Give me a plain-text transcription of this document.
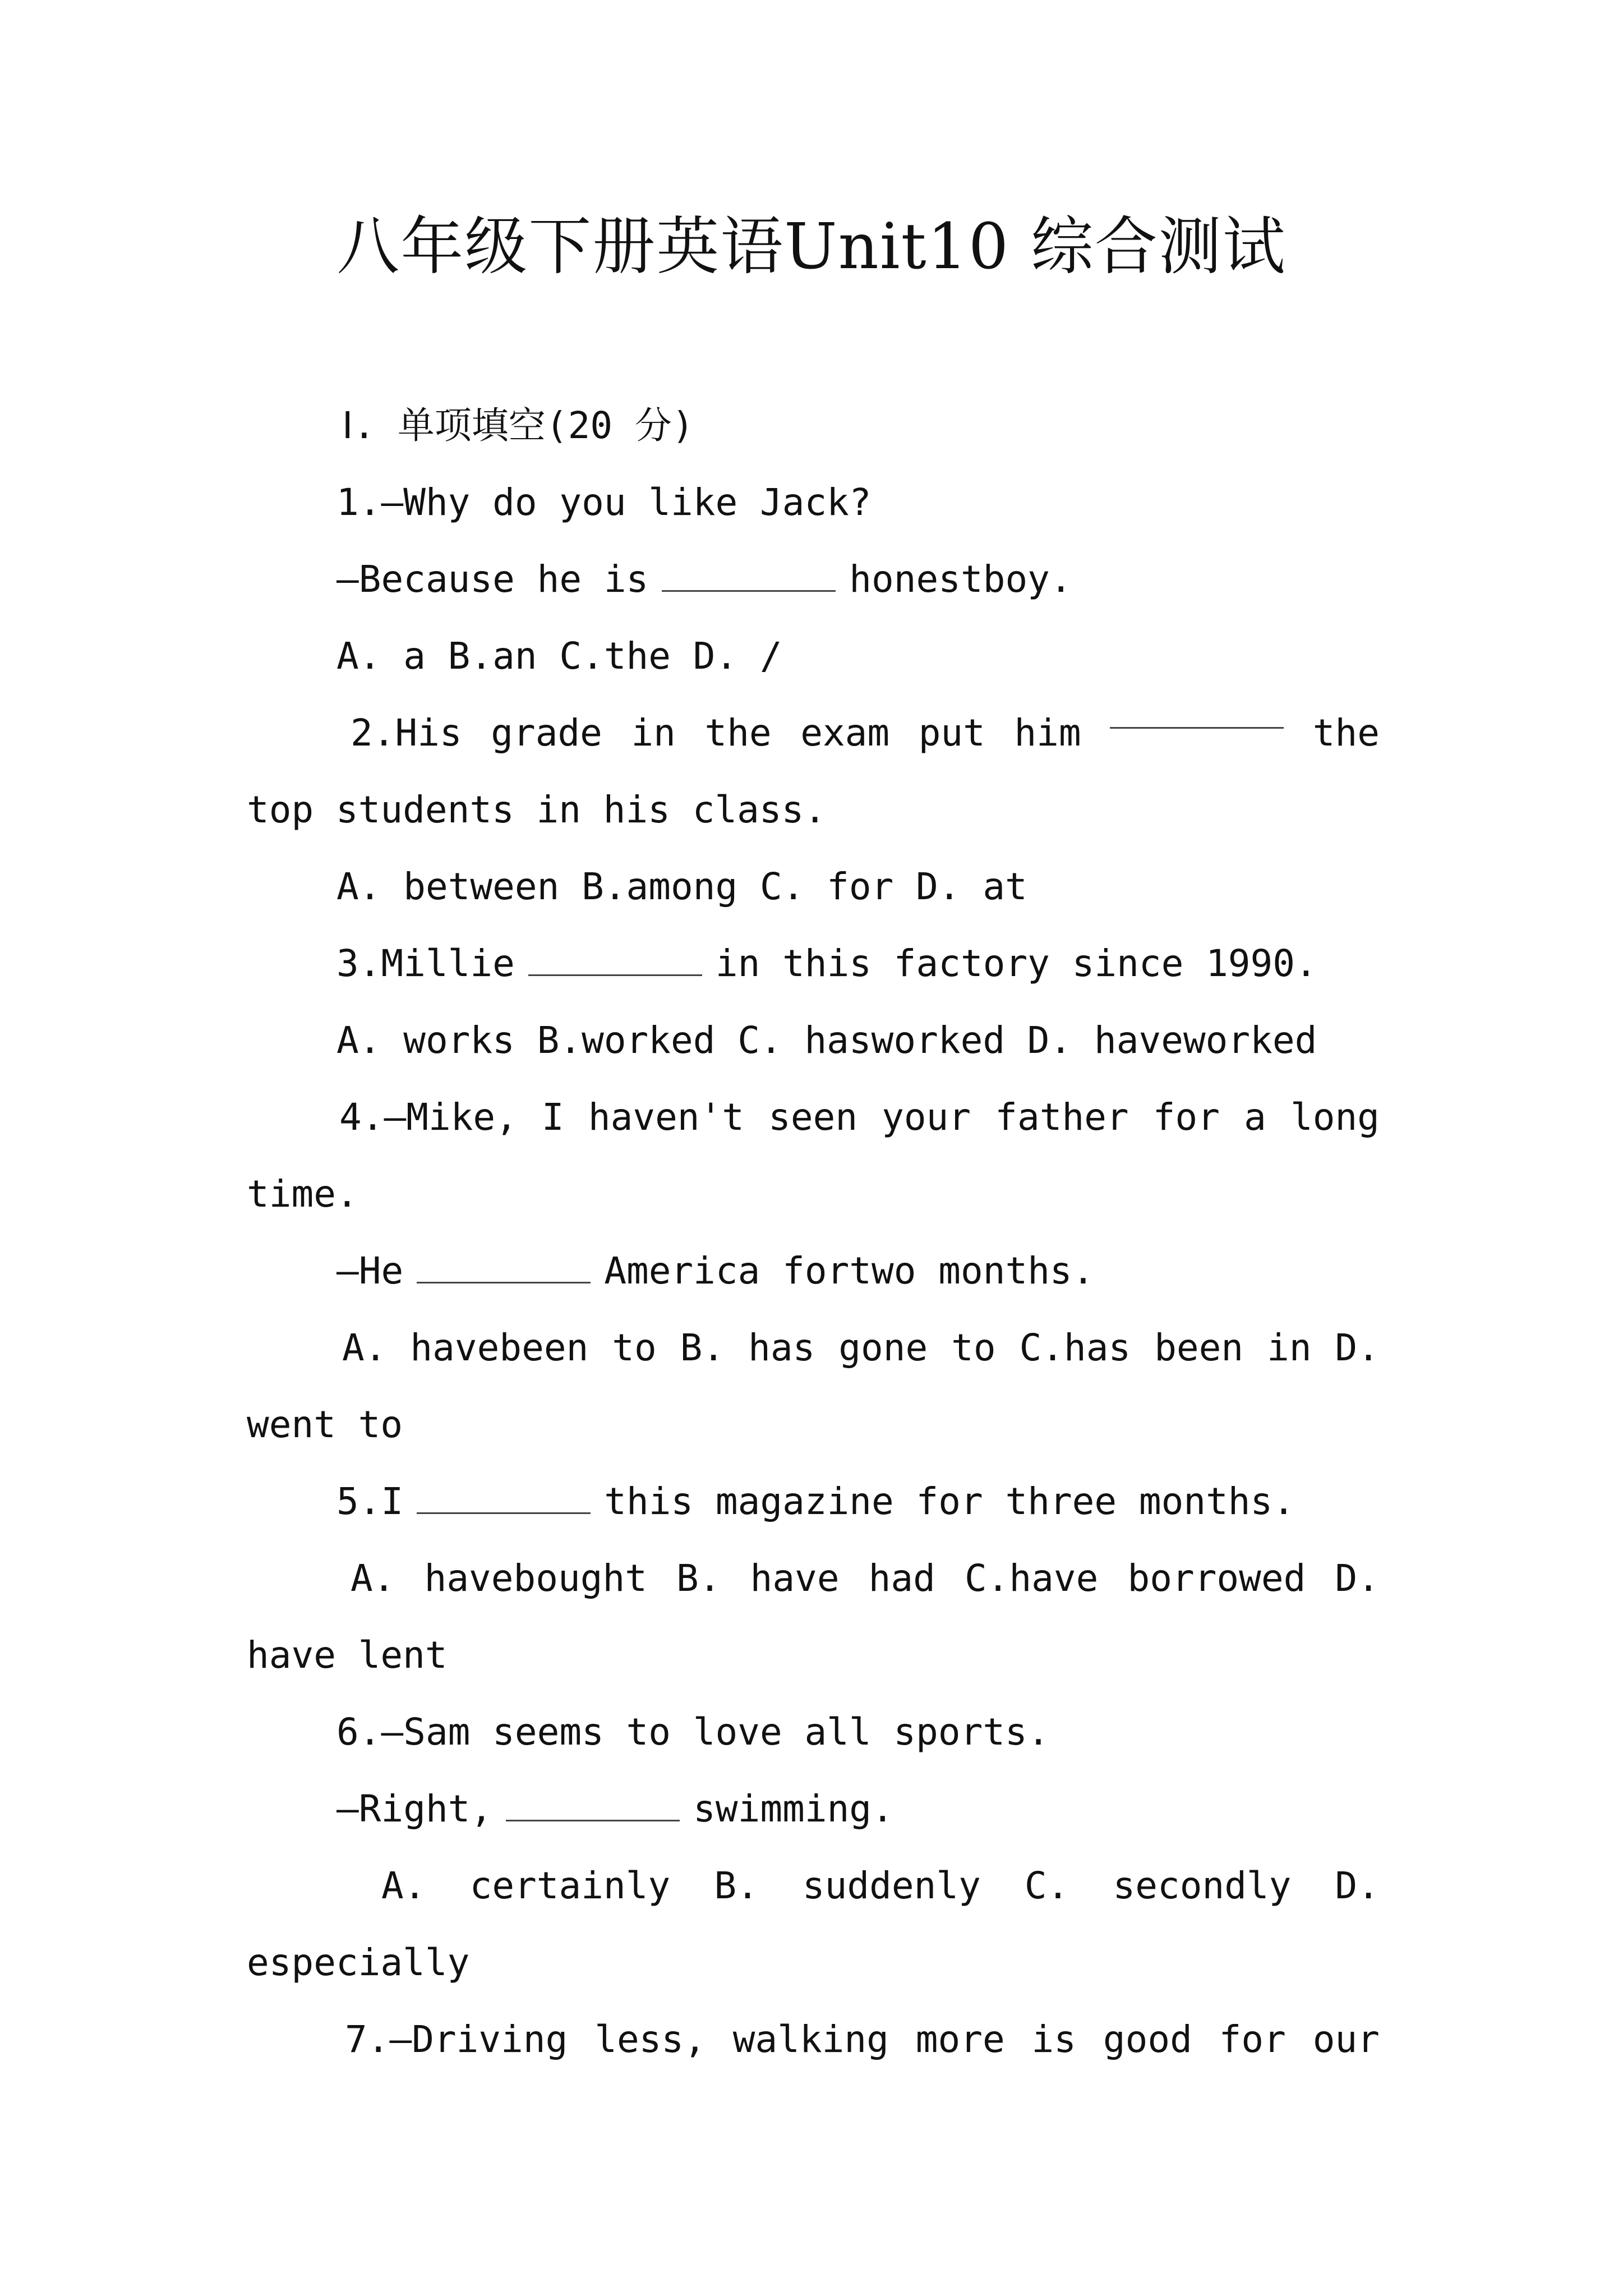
八年级下册英语Unit10 综合测试
Ⅰ. 单项填空(20 分)
1.—Why do you like Jack?
—Because he is	honestboy.
A. a B.an C.the D. /
2.His grade in the exam put him	the
top students in his class.
A. between B.among C. for D. at
3.Millie	in this factory since 1990.
A. works B.worked C. hasworked D. haveworked
4.—Mike, I haven't seen your father for a long
time.
—He	America fortwo months.
A. havebeen to B. has gone to C.has been in D.
went to
5.I	this magazine for three months.
A. havebought B. have had C.have borrowed D.
have lent
6.—Sam seems to love all sports.
—Right,	swimming.
A. certainly B. suddenly C. secondly D.
especially
7.—Driving less, walking more is good for our
